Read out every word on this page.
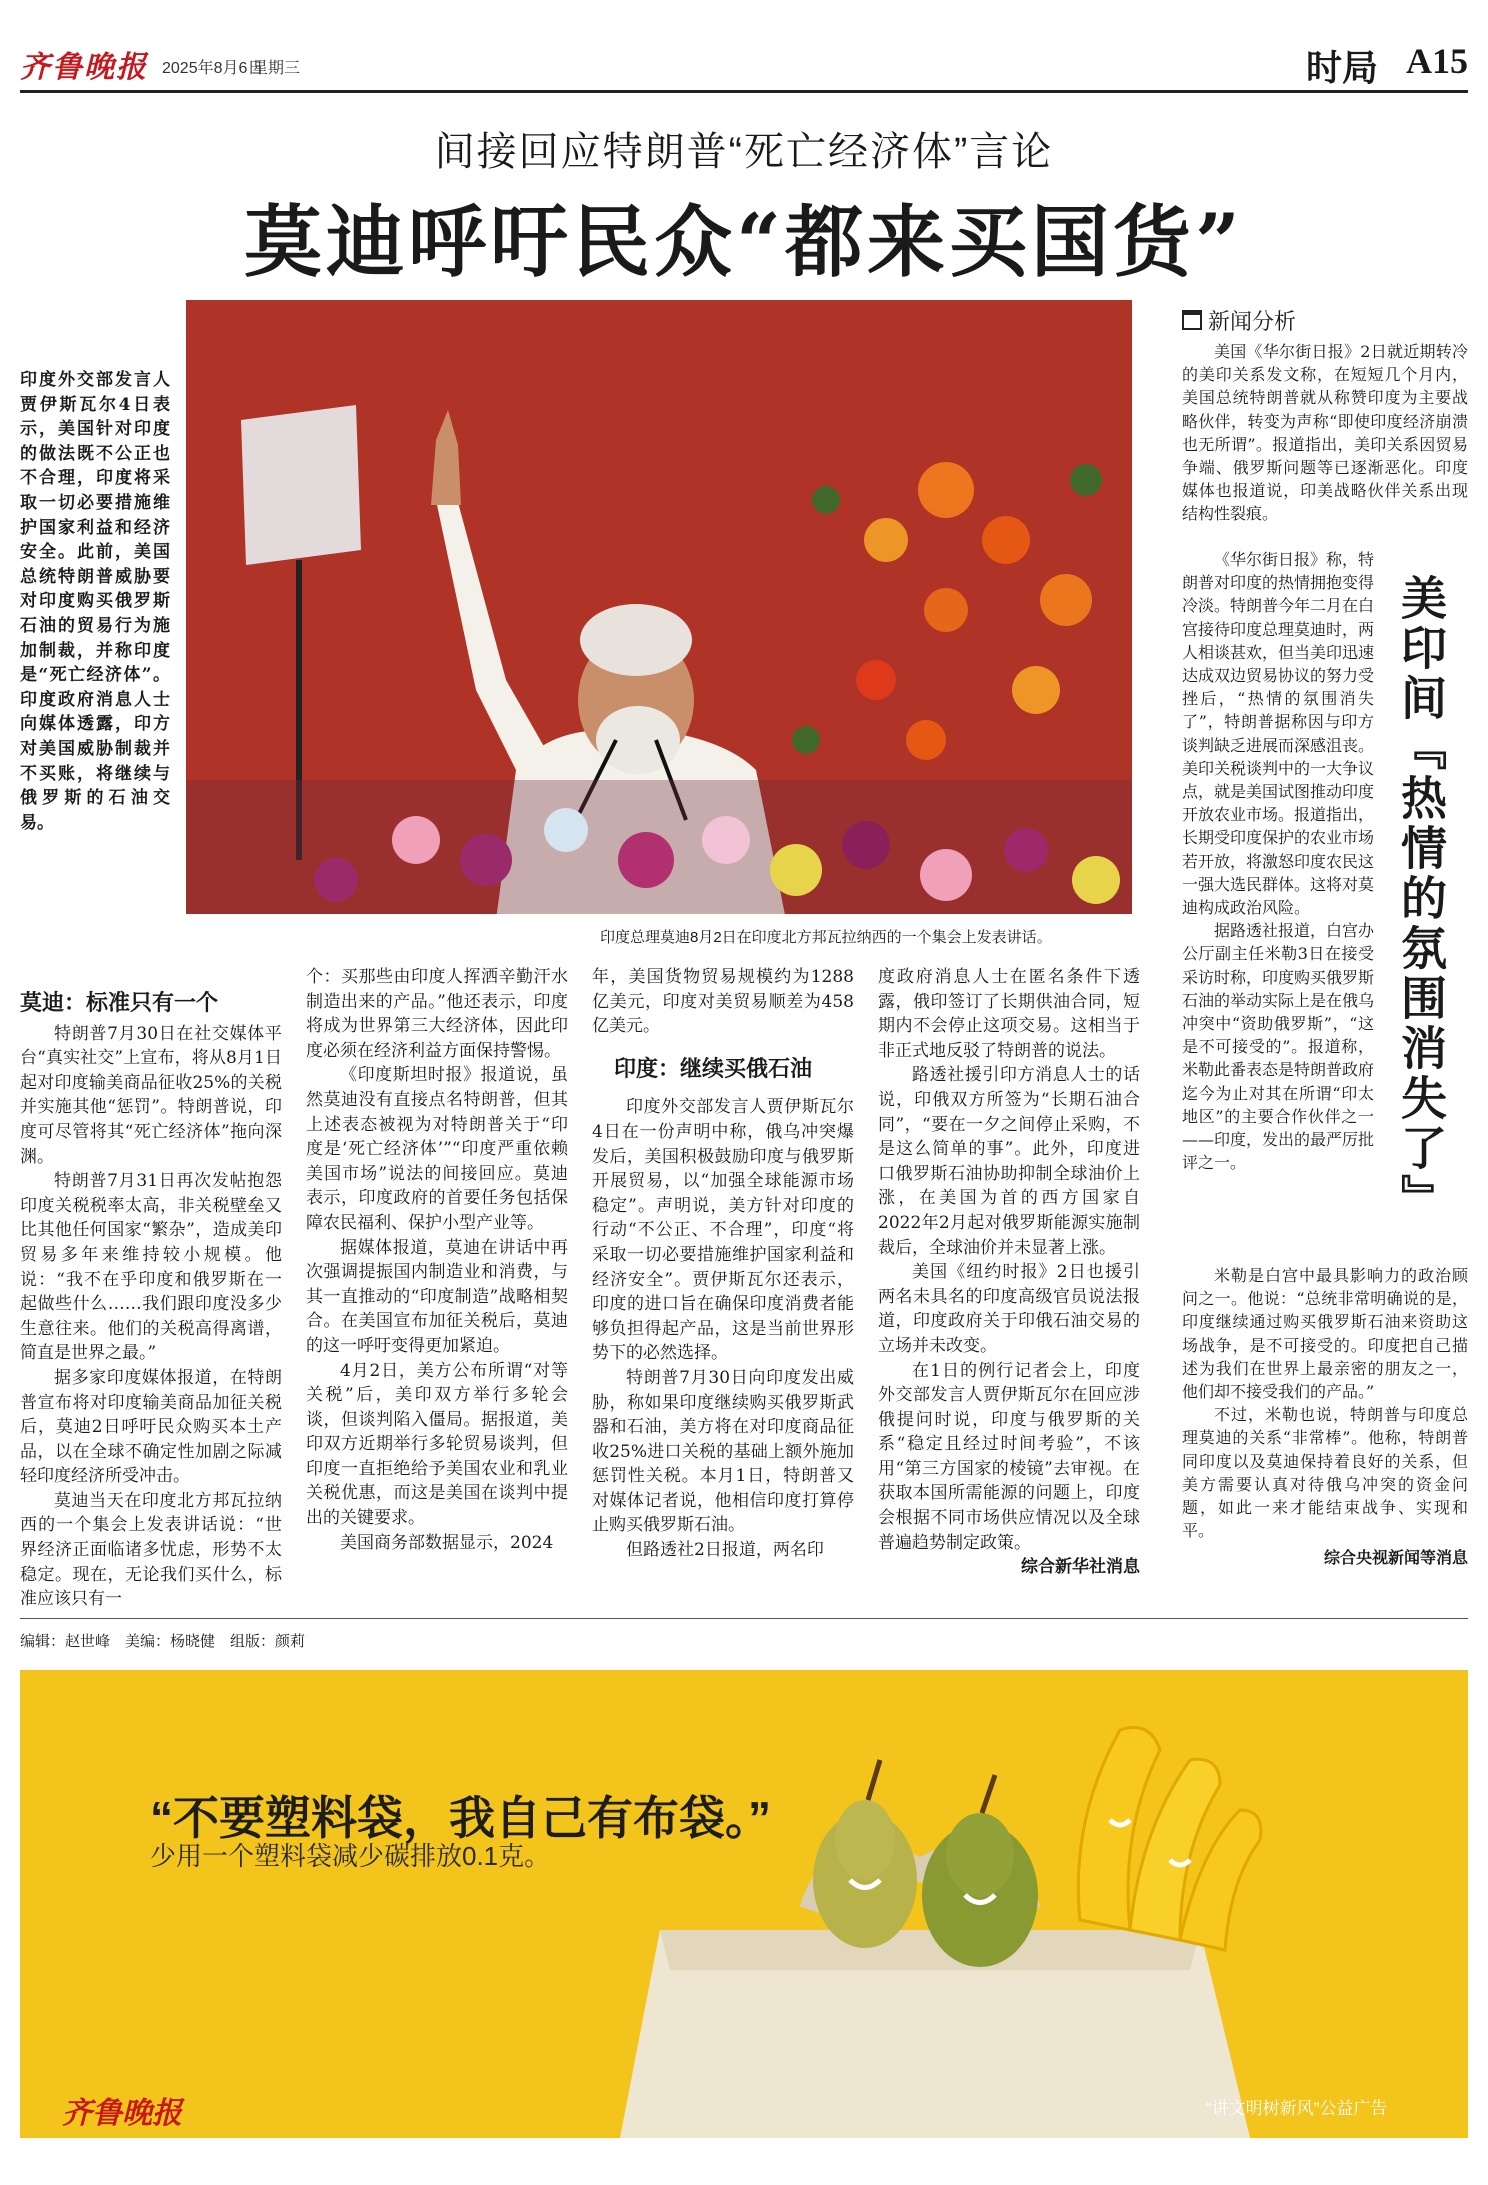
齐鲁晚报 2025年8月6日
星期三	时局 A15
间接回应特朗普“死亡经济体”言论
莫迪呼吁民众“都来买国货”
印度外交部发言人贾伊斯瓦尔4日表示，美国针对印度的做法既不公正也不合理，印度将采取一切必要措施维护国家利益和经济安全。此前，美国总统特朗普威胁要对印度购买俄罗斯石油的贸易行为施加制裁，并称印度是“死亡经济体”。印度政府消息人士向媒体透露，印方对美国威胁制裁并不买账，将继续与俄罗斯的石油交易。
印度总理莫迪8月2日在印度北方邦瓦拉纳西的一个集会上发表讲话。
莫迪：标准只有一个

特朗普7月30日在社交媒体平台“真实社交”上宣布，将从8月1日起对印度输美商品征收25%的关税并实施其他“惩罚”。特朗普说，印度可尽管将其“死亡经济体”拖向深渊。

特朗普7月31日再次发帖抱怨印度关税税率太高，非关税壁垒又比其他任何国家“繁杂”，造成美印贸易多年来维持较小规模。他说：“我不在乎印度和俄罗斯在一起做些什么……我们跟印度没多少生意往来。他们的关税高得离谱，简直是世界之最。”

据多家印度媒体报道，在特朗普宣布将对印度输美商品加征关税后，莫迪2日呼吁民众购买本土产品，以在全球不确定性加剧之际减轻印度经济所受冲击。

莫迪当天在印度北方邦瓦拉纳西的一个集会上发表讲话说：“世界经济正面临诸多忧虑，形势不太稳定。现在，无论我们买什么，标准应该只有一

个：买那些由印度人挥洒辛勤汗水制造出来的产品。”他还表示，印度将成为世界第三大经济体，因此印度必须在经济利益方面保持警惕。

《印度斯坦时报》报道说，虽然莫迪没有直接点名特朗普，但其上述表态被视为对特朗普关于“印度是‘死亡经济体’”“印度严重依赖美国市场”说法的间接回应。莫迪表示，印度政府的首要任务包括保障农民福利、保护小型产业等。

据媒体报道，莫迪在讲话中再次强调提振国内制造业和消费，与其一直推动的“印度制造”战略相契合。在美国宣布加征关税后，莫迪的这一呼吁变得更加紧迫。

4月2日，美方公布所谓“对等关税”后，美印双方举行多轮会谈，但谈判陷入僵局。据报道，美印双方近期举行多轮贸易谈判，但印度一直拒绝给予美国农业和乳业关税优惠，而这是美国在谈判中提出的关键要求。

美国商务部数据显示，2024

年，美国货物贸易规模约为1288亿美元，印度对美贸易顺差为458亿美元。

印度：继续买俄石油

印度外交部发言人贾伊斯瓦尔4日在一份声明中称，俄乌冲突爆发后，美国积极鼓励印度与俄罗斯开展贸易，以“加强全球能源市场稳定”。声明说，美方针对印度的行动“不公正、不合理”，印度“将采取一切必要措施维护国家利益和经济安全”。贾伊斯瓦尔还表示，印度的进口旨在确保印度消费者能够负担得起产品，这是当前世界形势下的必然选择。

特朗普7月30日向印度发出威胁，称如果印度继续购买俄罗斯武器和石油，美方将在对印度商品征收25%进口关税的基础上额外施加惩罚性关税。本月1日，特朗普又对媒体记者说，他相信印度打算停止购买俄罗斯石油。

但路透社2日报道，两名印

度政府消息人士在匿名条件下透露，俄印签订了长期供油合同，短期内不会停止这项交易。这相当于非正式地反驳了特朗普的说法。

路透社援引印方消息人士的话说，印俄双方所签为“长期石油合同”，“要在一夕之间停止采购，不是这么简单的事”。此外，印度进口俄罗斯石油协助抑制全球油价上涨，在美国为首的西方国家自2022年2月起对俄罗斯能源实施制裁后，全球油价并未显著上涨。

美国《纽约时报》2日也援引两名未具名的印度高级官员说法报道，印度政府关于印俄石油交易的立场并未改变。

在1日的例行记者会上，印度外交部发言人贾伊斯瓦尔在回应涉俄提问时说，印度与俄罗斯的关系“稳定且经过时间考验”，不该用“第三方国家的棱镜”去审视。在获取本国所需能源的问题上，印度会根据不同市场供应情况以及全球普遍趋势制定政策。

综合新华社消息
新闻分析

美国《华尔街日报》2日就近期转冷的美印关系发文称，在短短几个月内，美国总统特朗普就从称赞印度为主要战略伙伴，转变为声称“即使印度经济崩溃也无所谓”。报道指出，美印关系因贸易争端、俄罗斯问题等已逐渐恶化。印度媒体也报道说，印美战略伙伴关系出现结构性裂痕。

《华尔街日报》称，特朗普对印度的热情拥抱变得冷淡。特朗普今年二月在白宫接待印度总理莫迪时，两人相谈甚欢，但当美印迅速达成双边贸易协议的努力受挫后，“热情的氛围消失了”，特朗普据称因与印方谈判缺乏进展而深感沮丧。美印关税谈判中的一大争议点，就是美国试图推动印度开放农业市场。报道指出，长期受印度保护的农业市场若开放，将激怒印度农民这一强大选民群体。这将对莫迪构成政治风险。

据路透社报道，白宫办公厅副主任米勒3日在接受采访时称，印度购买俄罗斯石油的举动实际上是在俄乌冲突中“资助俄罗斯”，“这是不可接受的”。报道称，米勒此番表态是特朗普政府迄今为止对其在所谓“印太地区”的主要合作伙伴之一——印度，发出的最严厉批评之一。	美印间『热情的氛围消失了』

米勒是白宫中最具影响力的政治顾问之一。他说：“总统非常明确说的是，印度继续通过购买俄罗斯石油来资助这场战争，是不可接受的。印度把自己描述为我们在世界上最亲密的朋友之一，他们却不接受我们的产品。”

不过，米勒也说，特朗普与印度总理莫迪的关系“非常棒”。他称，特朗普同印度以及莫迪保持着良好的关系，但美方需要认真对待俄乌冲突的资金问题，如此一来才能结束战争、实现和平。

综合央视新闻等消息
编辑：赵世峰　美编：杨晓健　组版：颜莉
“不要塑料袋，我自己有布袋。”
少用一个塑料袋减少碳排放0.1克。
齐鲁晚报	“讲文明树新风”公益广告
